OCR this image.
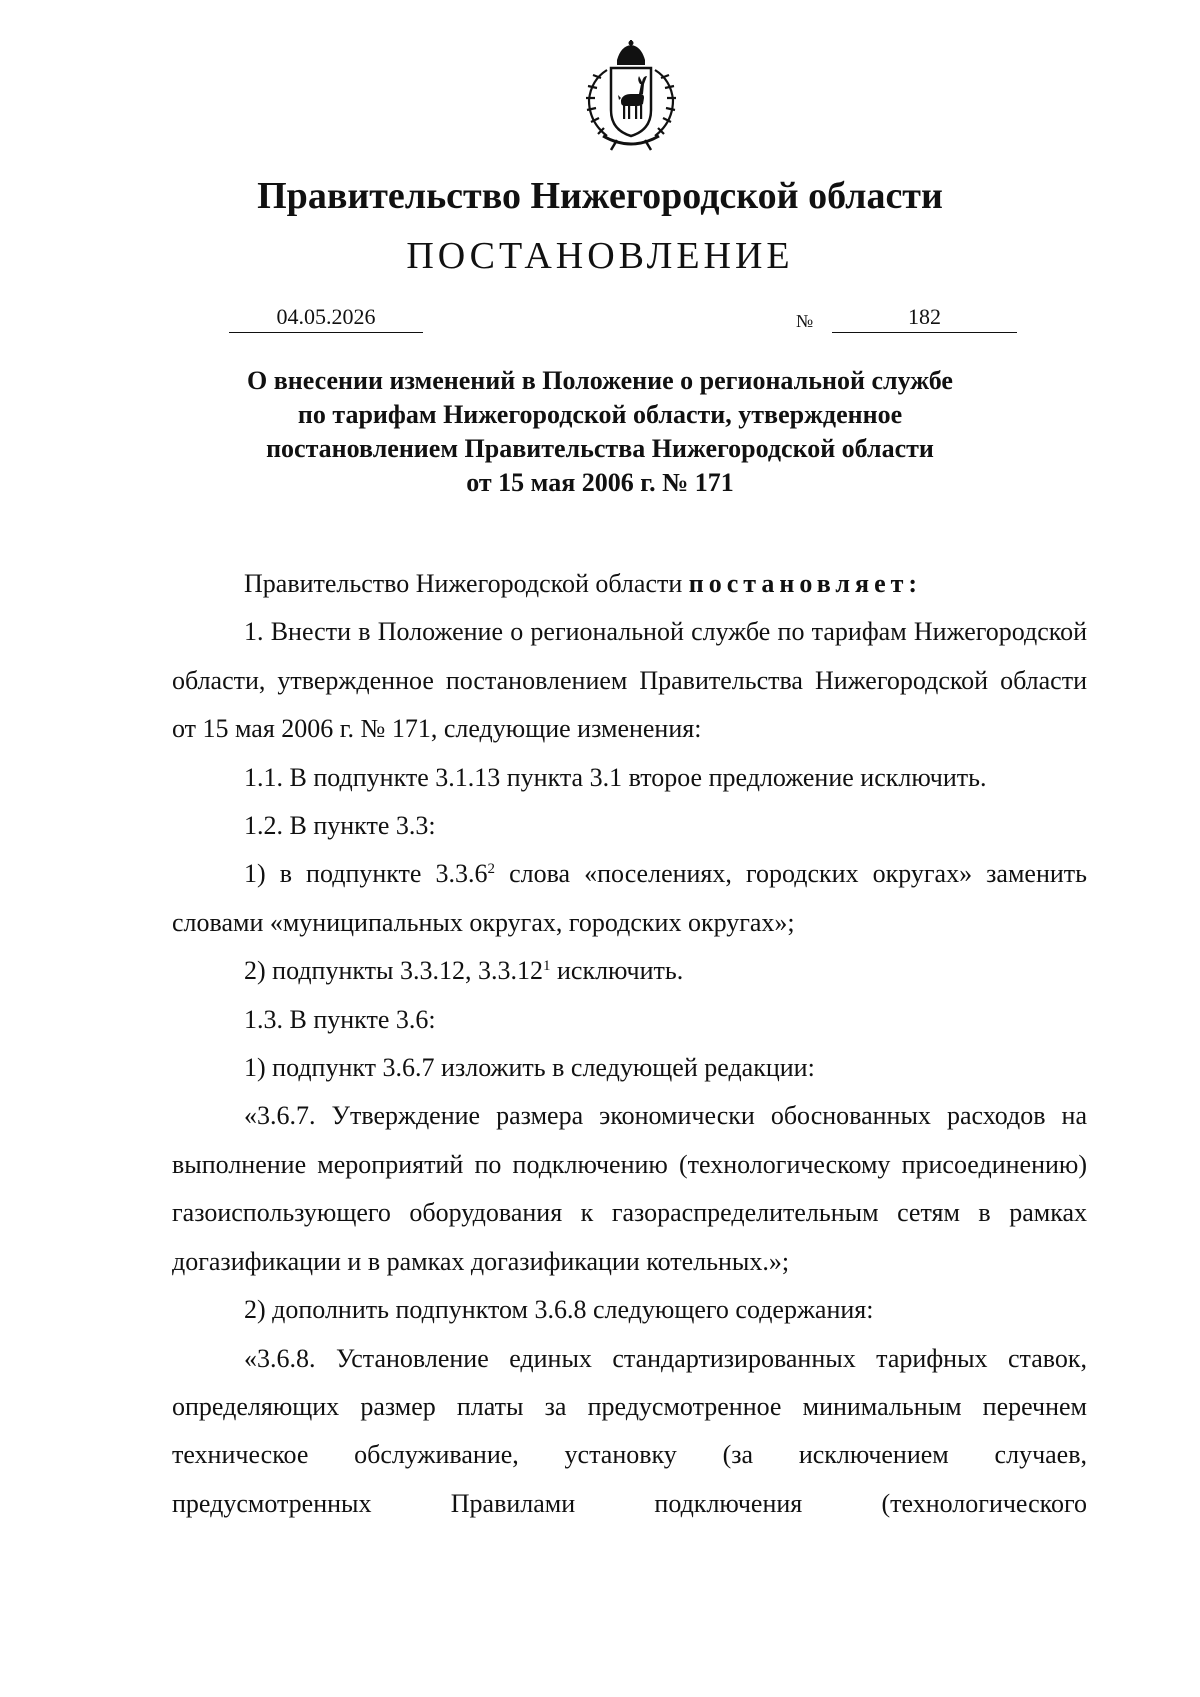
Правительство Нижегородской области
ПОСТАНОВЛЕНИЕ
04.05.2026	№	182
О внесении изменений в Положение о региональной службе
по тарифам Нижегородской области, утвержденное
постановлением Правительства Нижегородской области
от 15 мая 2006 г. № 171

Правительство Нижегородской области постановляет:

1. Внести в Положение о региональной службе по тарифам Нижегородской области, утвержденное постановлением Правительства Нижегородской области от 15 мая 2006 г. № 171, следующие изменения:

1.1. В подпункте 3.1.13 пункта 3.1 второе предложение исключить.

1.2. В пункте 3.3:

1) в подпункте 3.3.6$^2$ слова «поселениях, городских округах» заменить словами «муниципальных округах, городских округах»;

2) подпункты 3.3.12, 3.3.12$^1$ исключить.

1.3. В пункте 3.6:

1) подпункт 3.6.7 изложить в следующей редакции:

«3.6.7. Утверждение размера экономически обоснованных расходов на выполнение мероприятий по подключению (технологическому присоединению) газоиспользующего оборудования к газораспределительным сетям в рамках догазификации и в рамках догазификации котельных.»;

2) дополнить подпунктом 3.6.8 следующего содержания:

«3.6.8. Установление единых стандартизированных тарифных ставок, определяющих размер платы за предусмотренное минимальным перечнем техническое обслуживание, установку (за исключением случаев, предусмотренных Правилами подключения (технологического
